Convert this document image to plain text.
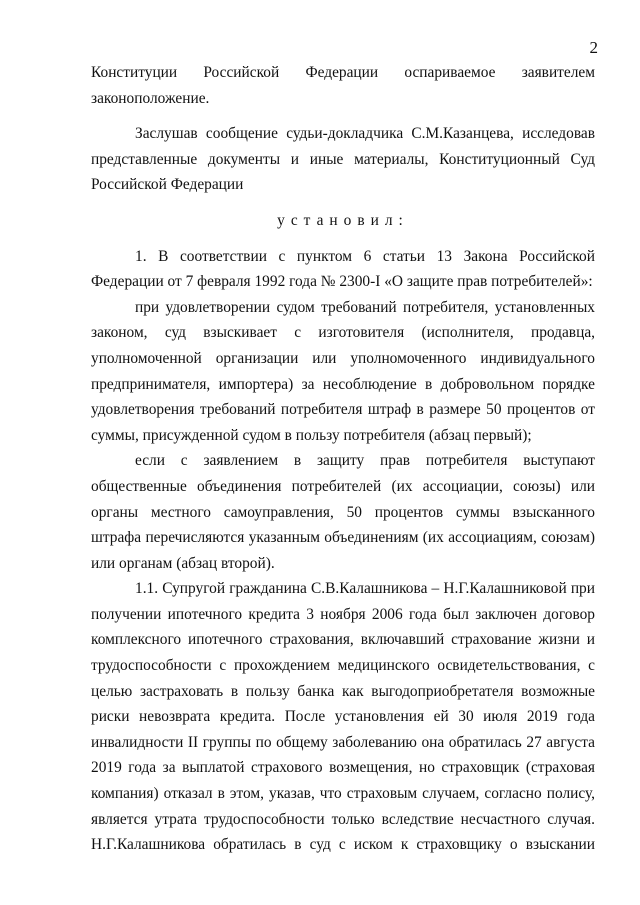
2

Конституции Российской Федерации оспариваемое заявителем законоположение.

Заслушав сообщение судьи-докладчика С.М.Казанцева, исследовав представленные документы и иные материалы, Конституционный Суд Российской Федерации

установил:

1. В соответствии с пунктом 6 статьи 13 Закона Российской Федерации от 7 февраля 1992 года № 2300-I «О защите прав потребителей»:

при удовлетворении судом требований потребителя, установленных законом, суд взыскивает с изготовителя (исполнителя, продавца, уполномоченной организации или уполномоченного индивидуального предпринимателя, импортера) за несоблюдение в добровольном порядке удовлетворения требований потребителя штраф в размере 50 процентов от суммы, присужденной судом в пользу потребителя (абзац первый);

если с заявлением в защиту прав потребителя выступают общественные объединения потребителей (их ассоциации, союзы) или органы местного самоуправления, 50 процентов суммы взысканного штрафа перечисляются указанным объединениям (их ассоциациям, союзам) или органам (абзац второй).

1.1. Супругой гражданина С.В.Калашникова – Н.Г.Калашниковой при получении ипотечного кредита 3 ноября 2006 года был заключен договор комплексного ипотечного страхования, включавший страхование жизни и трудоспособности с прохождением медицинского освидетельствования, с целью застраховать в пользу банка как выгодоприобретателя возможные риски невозврата кредита. После установления ей 30 июля 2019 года инвалидности II группы по общему заболеванию она обратилась 27 августа 2019 года за выплатой страхового возмещения, но страховщик (страховая компания) отказал в этом, указав, что страховым случаем, согласно полису, является утрата трудоспособности только вследствие несчастного случая. Н.Г.Калашникова обратилась в суд с иском к страховщику о взыскании
